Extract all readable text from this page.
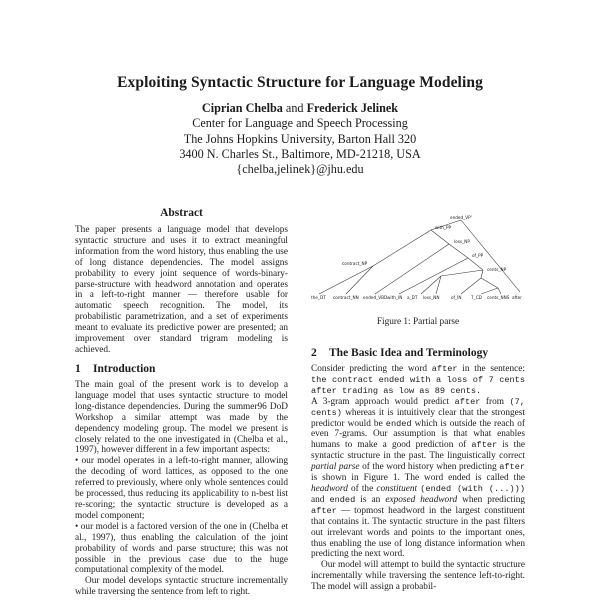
Exploiting Syntactic Structure for Language Modeling
Ciprian Chelba and Frederick Jelinek
Center for Language and Speech Processing
The Johns Hopkins University, Barton Hall 320
3400 N. Charles St., Baltimore, MD-21218, USA
{chelba,jelinek}@jhu.edu
Abstract

The paper presents a language model that develops syntactic structure and uses it to extract meaningful information from the word history, thus enabling the use of long distance dependencies. The model assigns probability to every joint sequence of words-binary-parse-structure with headword annotation and operates in a left-to-right manner — therefore usable for automatic speech recognition. The model, its probabilistic parametrization, and a set of experiments meant to evaluate its predictive power are presented; an improvement over standard trigram modeling is achieved.

1 Introduction

The main goal of the present work is to develop a language model that uses syntactic structure to model long-distance dependencies. During the summer96 DoD Workshop a similar attempt was made by the dependency modeling group. The model we present is closely related to the one investigated in (Chelba et al., 1997), however different in a few important aspects:

• our model operates in a left-to-right manner, allowing the decoding of word lattices, as opposed to the one referred to previously, where only whole sentences could be processed, thus reducing its applicability to n-best list re-scoring; the syntactic structure is developed as a model component;
• our model is a factored version of the one in (Chelba et al., 1997), thus enabling the calculation of the joint probability of words and parse structure; this was not possible in the previous case due to the huge computational complexity of the model.

Our model develops syntactic structure incrementally while traversing the sentence from left to right.

ended_VP'
with_PP
loss_NP
of_PP
contract_NP
cents_NP
the_DT contract_NN ended_VBD with_IN a_DT loss_NN	of_IN 7_CD cents_NNS after
Figure 1: Partial parse
2 The Basic Idea and Terminology

Consider predicting the word after in the sentence: the contract ended with a loss of 7 cents after trading as low as 89 cents.

A 3-gram approach would predict after from (7, cents) whereas it is intuitively clear that the strongest predictor would be ended which is outside the reach of even 7-grams. Our assumption is that what enables humans to make a good prediction of after is the syntactic structure in the past. The linguistically correct partial parse of the word history when predicting after is shown in Figure 1. The word ended is called the headword of the constituent (ended (with (...))) and ended is an exposed headword when predicting after — topmost headword in the largest constituent that contains it. The syntactic structure in the past filters out irrelevant words and points to the important ones, thus enabling the use of long distance information when predicting the next word.

Our model will attempt to build the syntactic structure incrementally while traversing the sentence left-to-right. The model will assign a probabil-
